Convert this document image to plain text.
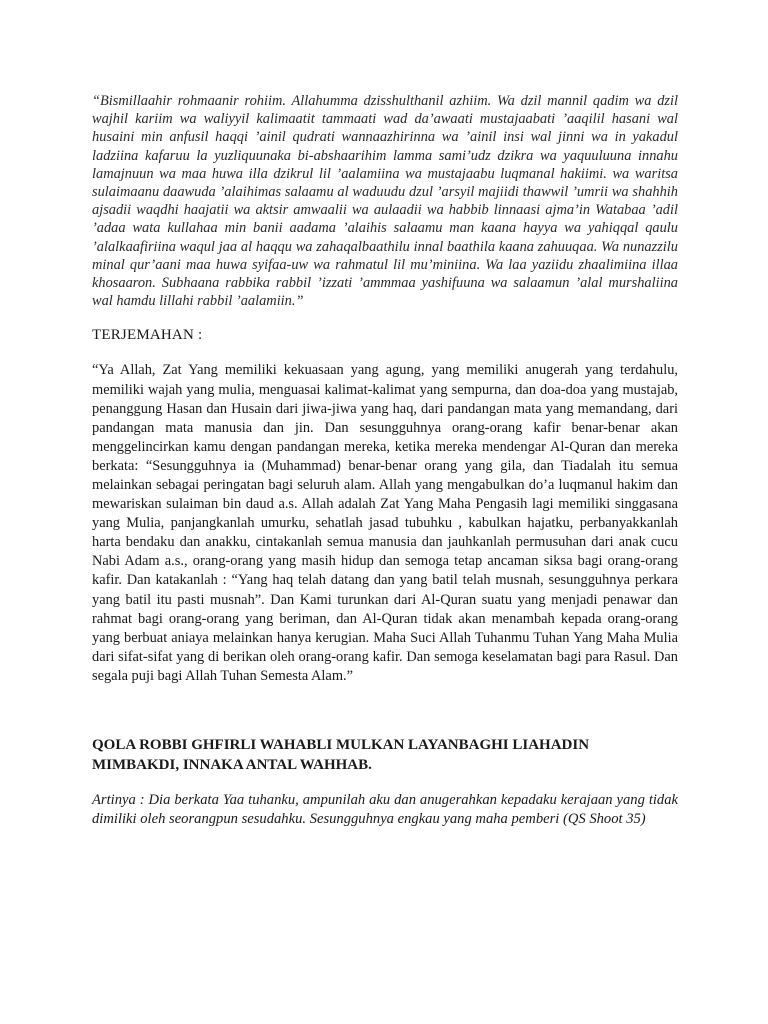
“Bismillaahir rohmaanir rohiim. Allahumma dzisshulthanil azhiim. Wa dzil mannil qadim wa dzil wajhil kariim wa waliyyil kalimaatit tammaati wad da’awaati mustajaabati ’aaqilil hasani wal husaini min anfusil haqqi ’ainil qudrati wannaazhirinna wa ’ainil insi wal jinni wa in yakadul ladziina kafaruu la yuzliquunaka bi-abshaarihim lamma sami’udz dzikra wa yaquuluuna innahu lamajnuun wa maa huwa illa dzikrul lil ’aalamiina wa mustajaabu luqmanal hakiimi. wa waritsa sulaimaanu daawuda ’alaihimas salaamu al waduudu dzul ’arsyil majiidi thawwil ’umrii wa shahhih ajsadii waqdhi haajatii wa aktsir amwaalii wa aulaadii wa habbib linnaasi ajma’in Watabaa ’adil ’adaa wata kullahaa min banii aadama ’alaihis salaamu man kaana hayya wa yahiqqal qaulu ’alalkaafiriina waqul jaa al haqqu wa zahaqalbaathilu innal baathila kaana zahuuqaa. Wa nunazzilu minal qur’aani maa huwa syifaa-uw wa rahmatul lil mu’miniina. Wa laa yaziidu zhaalimiina illaa khosaaron. Subhaana rabbika rabbil ’izzati ’ammmaa yashifuuna wa salaamun ’alal murshaliina wal hamdu lillahi rabbil ’aalamiin.”

TERJEMAHAN :

“Ya Allah, Zat Yang memiliki kekuasaan yang agung, yang memiliki anugerah yang terdahulu, memiliki wajah yang mulia, menguasai kalimat-kalimat yang sempurna, dan doa-doa yang mustajab, penanggung Hasan dan Husain dari jiwa-jiwa yang haq, dari pandangan mata yang memandang, dari pandangan mata manusia dan jin. Dan sesungguhnya orang-orang kafir benar-benar akan menggelincirkan kamu dengan pandangan mereka, ketika mereka mendengar Al-Quran dan mereka berkata: “Sesungguhnya ia (Muhammad) benar-benar orang yang gila, dan Tiadalah itu semua melainkan sebagai peringatan bagi seluruh alam. Allah yang mengabulkan do’a luqmanul hakim dan mewariskan sulaiman bin daud a.s. Allah adalah Zat Yang Maha Pengasih lagi memiliki singgasana yang Mulia, panjangkanlah umurku, sehatlah jasad tubuhku , kabulkan hajatku, perbanyakkanlah harta bendaku dan anakku, cintakanlah semua manusia dan jauhkanlah permusuhan dari anak cucu Nabi Adam a.s., orang-orang yang masih hidup dan semoga tetap ancaman siksa bagi orang-orang kafir. Dan katakanlah : “Yang haq telah datang dan yang batil telah musnah, sesungguhnya perkara yang batil itu pasti musnah”. Dan Kami turunkan dari Al-Quran suatu yang menjadi penawar dan rahmat bagi orang-orang yang beriman, dan Al-Quran tidak akan menambah kepada orang-orang yang berbuat aniaya melainkan hanya kerugian. Maha Suci Allah Tuhanmu Tuhan Yang Maha Mulia dari sifat-sifat yang di berikan oleh orang-orang kafir. Dan semoga keselamatan bagi para Rasul. Dan segala puji bagi Allah Tuhan Semesta Alam.”

QOLA ROBBI GHFIRLI WAHABLI MULKAN LAYANBAGHI LIAHADIN MIMBAKDI, INNAKA ANTAL WAHHAB.

Artinya : Dia berkata Yaa tuhanku, ampunilah aku dan anugerahkan kepadaku kerajaan yang tidak dimiliki oleh seorangpun sesudahku. Sesungguhnya engkau yang maha pemberi (QS Shoot 35)
